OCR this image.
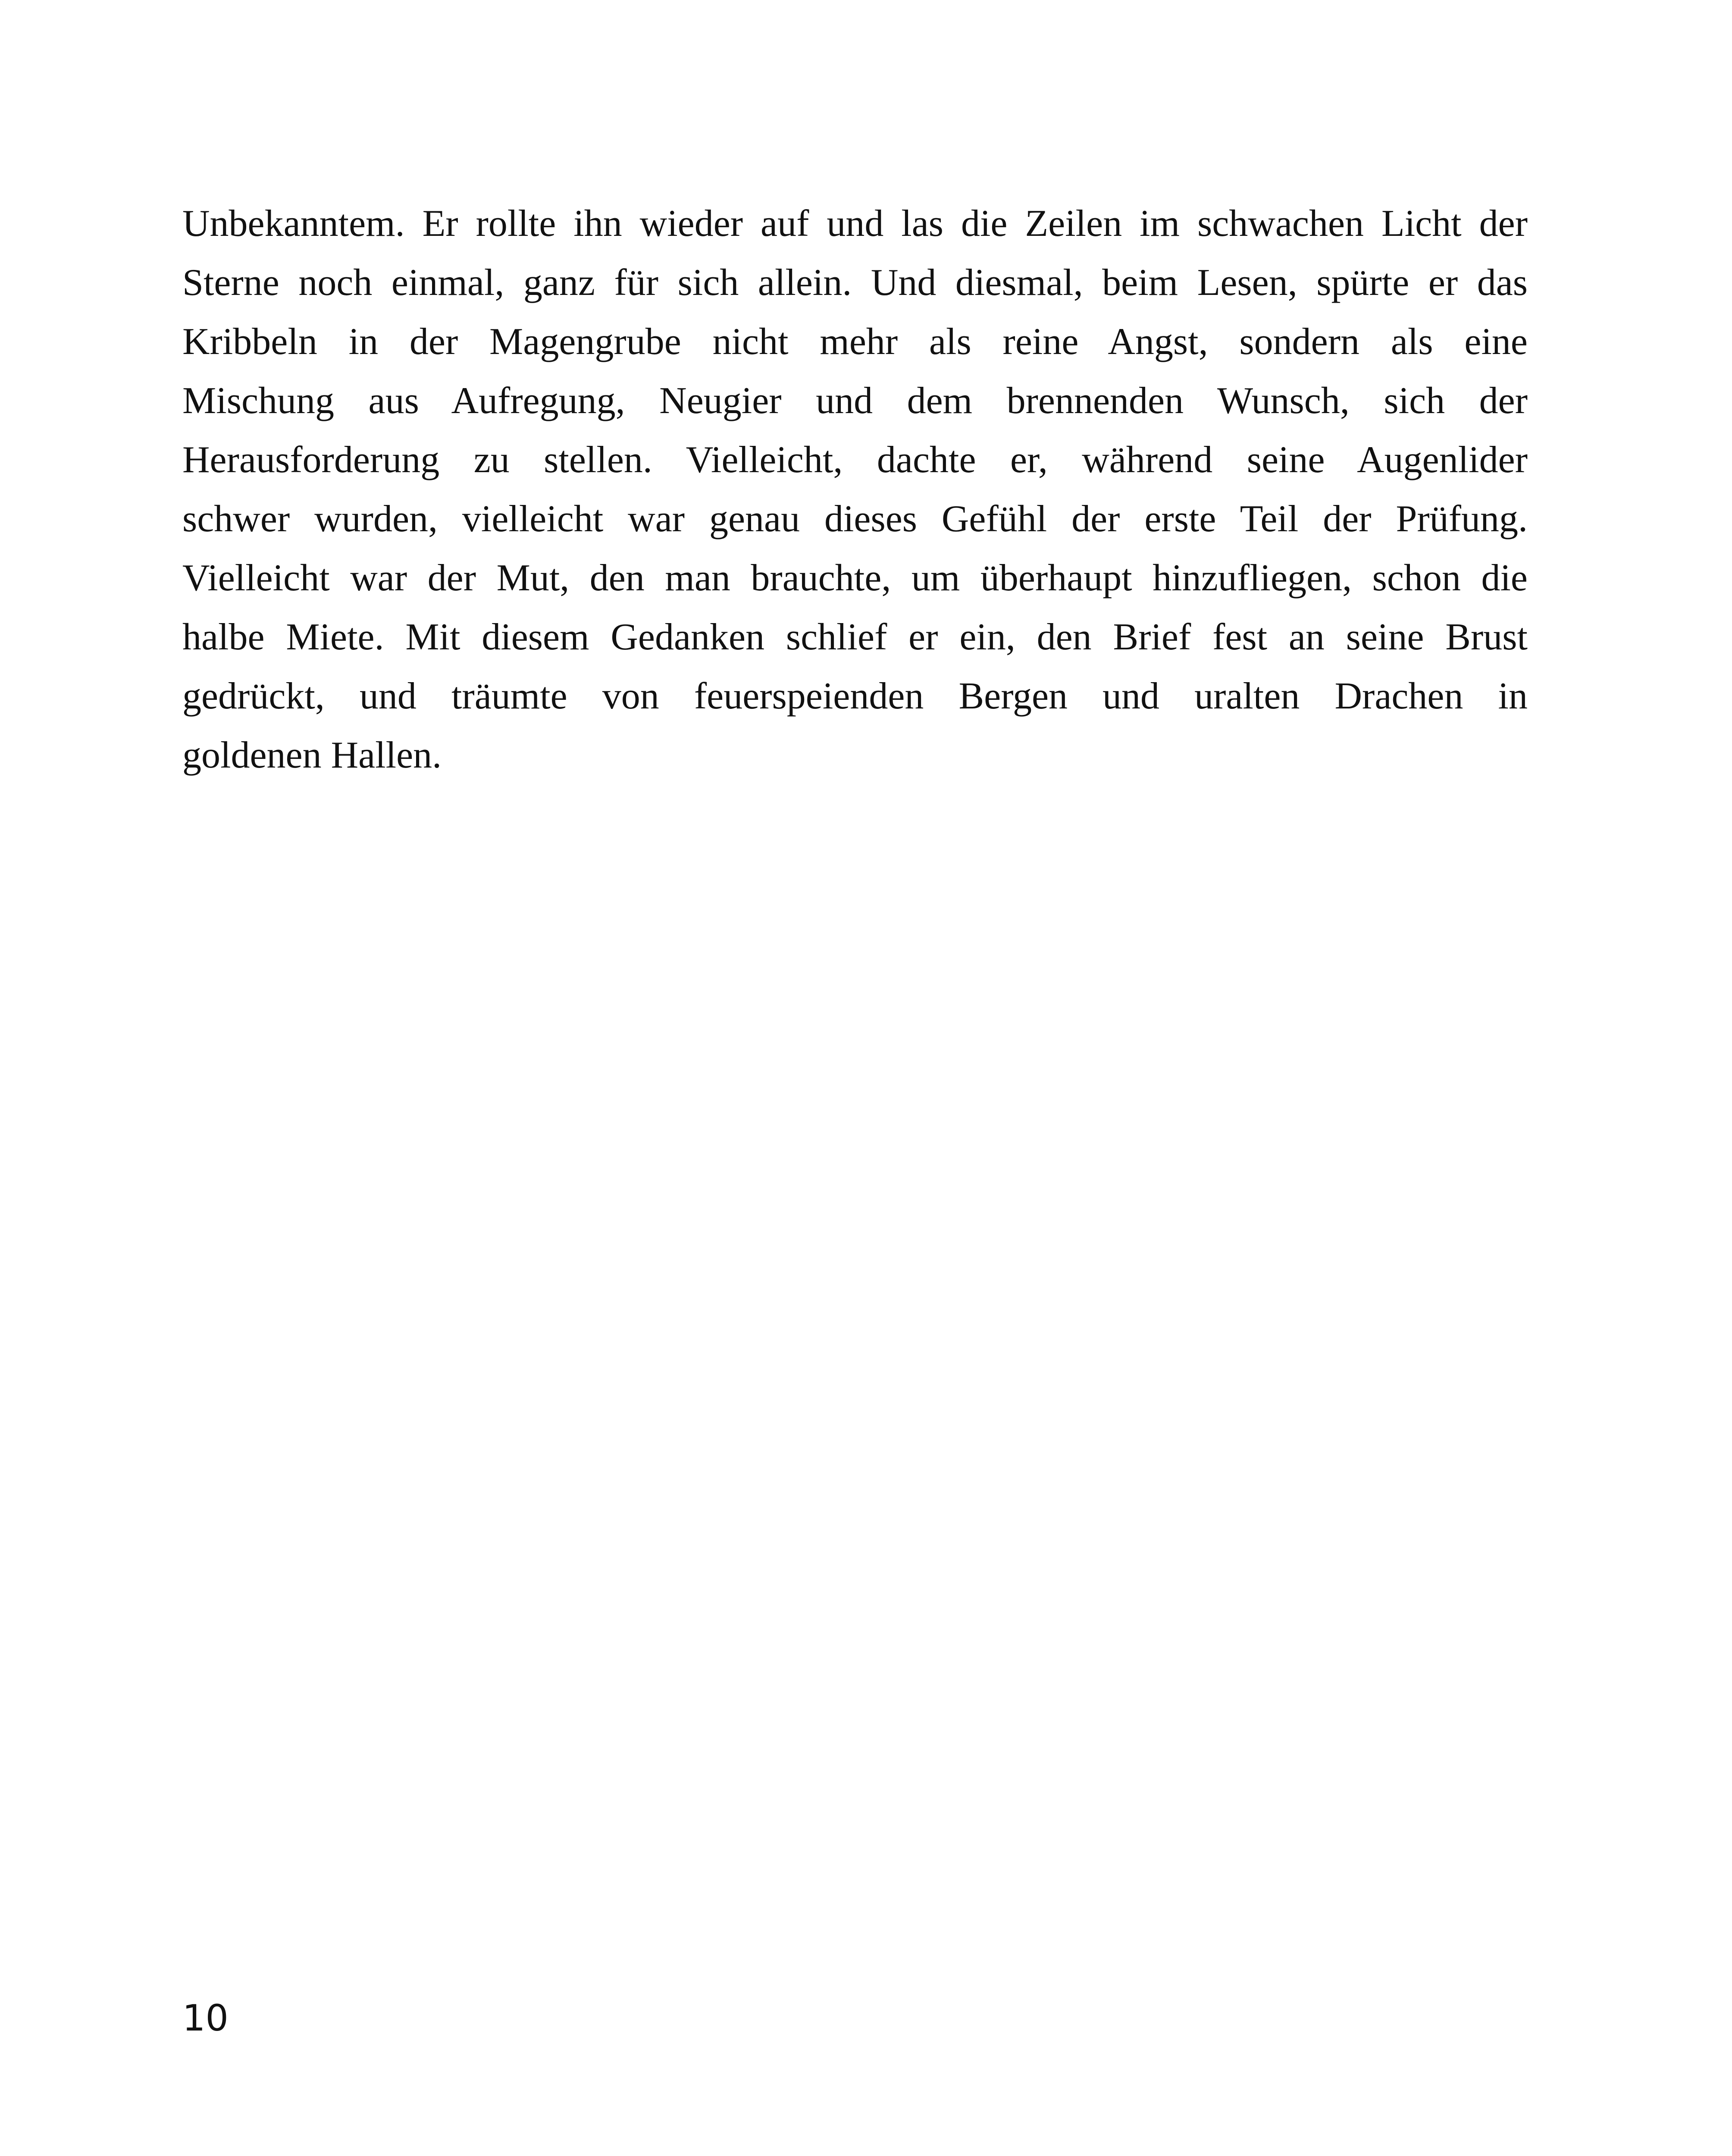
Unbekanntem. Er rollte ihn wieder auf und las die Zeilen im schwachen Licht der
Sterne noch einmal, ganz für sich allein. Und diesmal, beim Lesen, spürte er das
Kribbeln in der Magengrube nicht mehr als reine Angst, sondern als eine
Mischung aus Aufregung, Neugier und dem brennenden Wunsch, sich der
Herausforderung zu stellen. Vielleicht, dachte er, während seine Augenlider
schwer wurden, vielleicht war genau dieses Gefühl der erste Teil der Prüfung.
Vielleicht war der Mut, den man brauchte, um überhaupt hinzufliegen, schon die
halbe Miete. Mit diesem Gedanken schlief er ein, den Brief fest an seine Brust
gedrückt, und träumte von feuerspeienden Bergen und uralten Drachen in
goldenen Hallen.
10
